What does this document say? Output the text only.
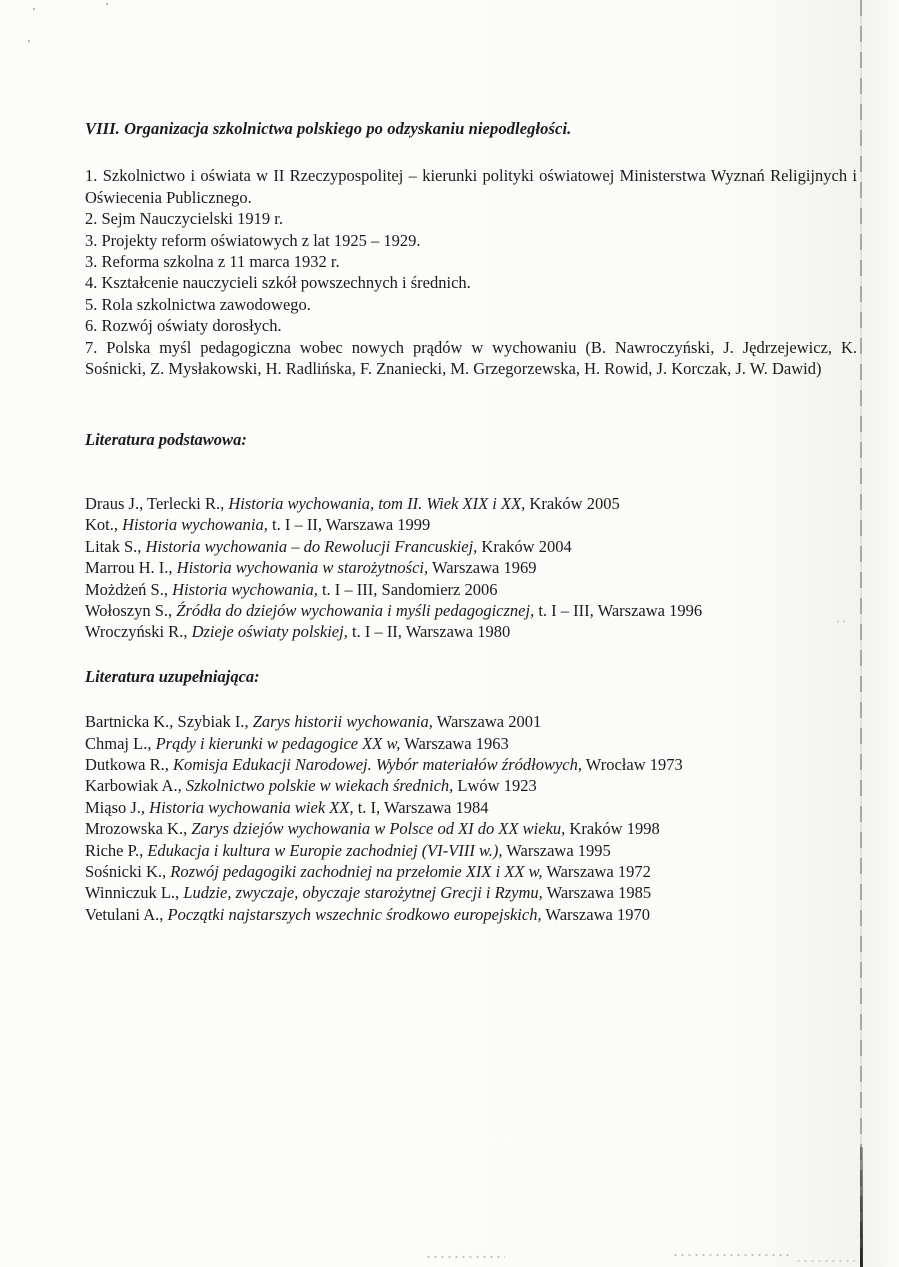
'	'
'
VIII. Organizacja szkolnictwa polskiego po odzyskaniu niepodległości.

1. Szkolnictwo i oświata w II Rzeczypospolitej – kierunki polityki oświatowej Ministerstwa Wyznań Religijnych i Oświecenia Publicznego.

2. Sejm Nauczycielski 1919 r.

3. Projekty reform oświatowych z lat 1925 – 1929.

3. Reforma szkolna z 11 marca 1932 r.

4. Kształcenie nauczycieli szkół powszechnych i średnich.

5. Rola szkolnictwa zawodowego.

6. Rozwój oświaty dorosłych.

7. Polska myśl pedagogiczna wobec nowych prądów w wychowaniu (B. Nawroczyński, J. Jędrzejewicz, K. Sośnicki, Z. Mysłakowski, H. Radlińska, F. Znaniecki, M. Grzegorzewska, H. Rowid, J. Korczak, J. W. Dawid)

Literatura podstawowa:

Draus J., Terlecki R., Historia wychowania, tom II. Wiek XIX i XX, Kraków 2005

Kot., Historia wychowania, t. I – II, Warszawa 1999

Litak S., Historia wychowania – do Rewolucji Francuskiej, Kraków 2004

Marrou H. I., Historia wychowania w starożytności, Warszawa 1969

Możdżeń S., Historia wychowania, t. I – III, Sandomierz 2006

Wołoszyn S., Źródła do dziejów wychowania i myśli pedagogicznej, t. I – III, Warszawa 1996

Wroczyński R., Dzieje oświaty polskiej, t. I – II, Warszawa 1980

Literatura uzupełniająca:

Bartnicka K., Szybiak I., Zarys historii wychowania, Warszawa 2001

Chmaj L., Prądy i kierunki w pedagogice XX w, Warszawa 1963

Dutkowa R., Komisja Edukacji Narodowej. Wybór materiałów źródłowych, Wrocław 1973

Karbowiak A., Szkolnictwo polskie w wiekach średnich, Lwów 1923

Miąso J., Historia wychowania wiek XX, t. I, Warszawa 1984

Mrozowska K., Zarys dziejów wychowania w Polsce od XI do XX wieku, Kraków 1998

Riche P., Edukacja i kultura w Europie zachodniej (VI-VIII w.), Warszawa 1995

Sośnicki K., Rozwój pedagogiki zachodniej na przełomie XIX i XX w, Warszawa 1972

Winniczuk L., Ludzie, zwyczaje, obyczaje starożytnej Grecji i Rzymu, Warszawa 1985

Vetulani A., Początki najstarszych wszechnic środkowo europejskich, Warszawa 1970
